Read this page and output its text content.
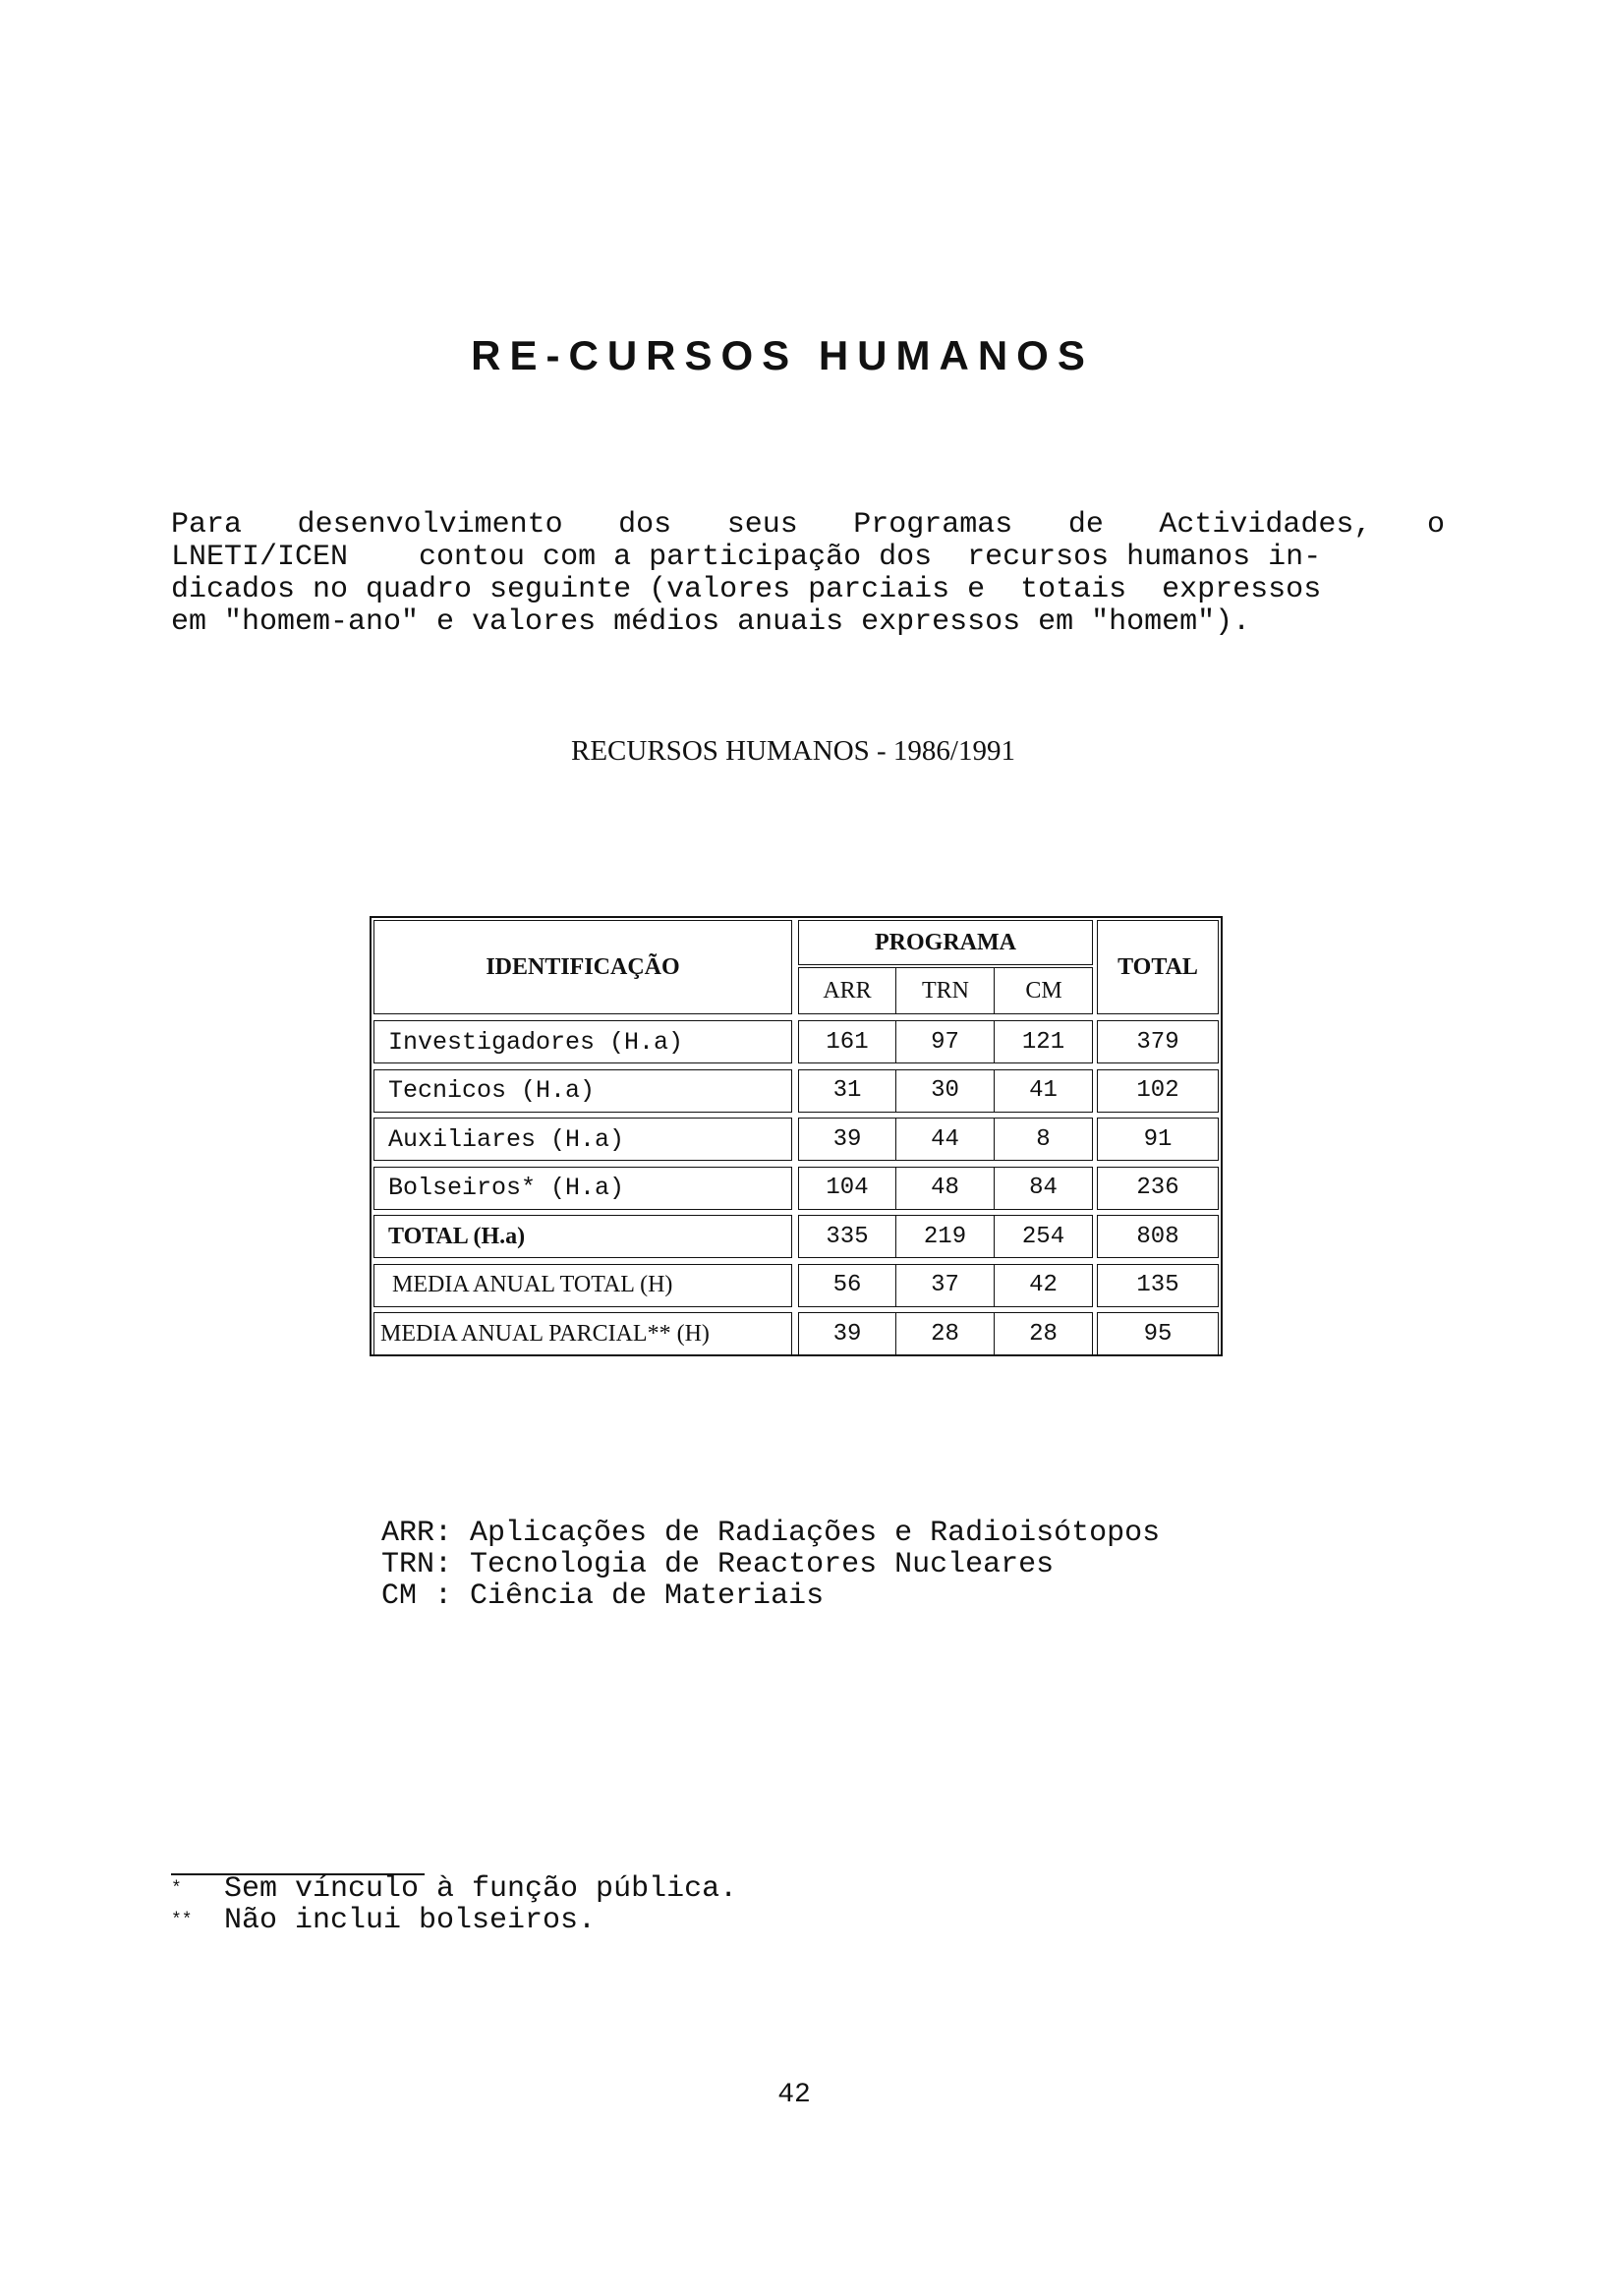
RE-CURSOS HUMANOS
Para desenvolvimento dos seus Programas de Actividades, o
LNETI/ICEN    contou com a participação dos  recursos humanos in-
dicados no quadro seguinte (valores parciais e  totais  expressos
em "homem-ano" e valores médios anuais expressos em "homem").
RECURSOS HUMANOS - 1986/1991
IDENTIFICAÇÃO
PROGRAMA
ARR	TRN	CM
TOTAL
Investigadores (H.a)	161	97	121	379
Tecnicos (H.a)	31	30	41	102
Auxiliares (H.a)	39	44	8	91
Bolseiros* (H.a)	104	48	84	236
TOTAL (H.a)	335	219	254	808
MEDIA ANUAL TOTAL (H)	56	37	42	135
MEDIA ANUAL PARCIAL** (H)	39	28	28	95
ARR: Aplicações de Radiações e Radioisótopos
TRN: Tecnologia de Reactores Nucleares
CM : Ciência de Materiais
* Sem vínculo à função pública.
** Não inclui bolseiros.
42
